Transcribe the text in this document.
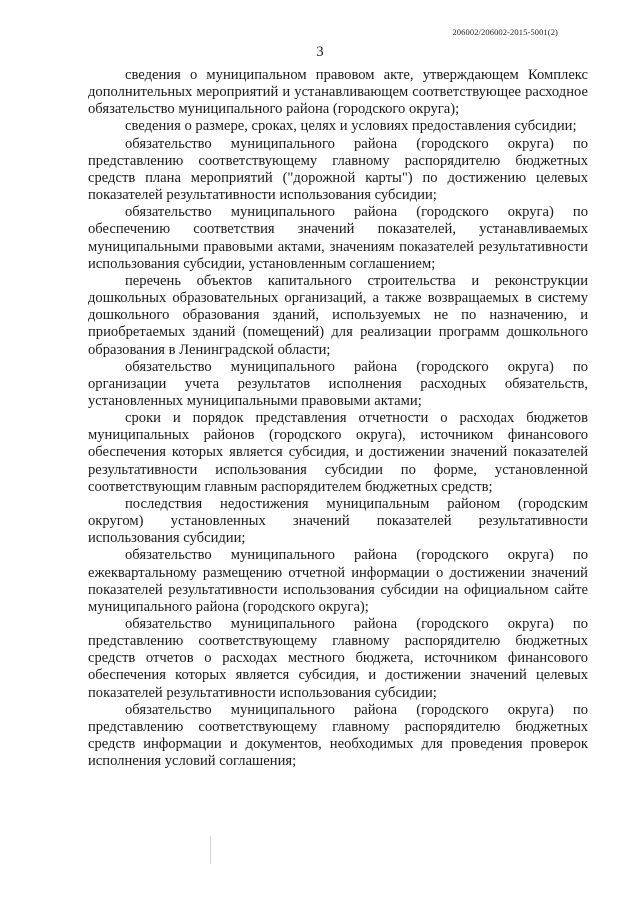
206002/206002-2015-5001(2)
3

сведения о муниципальном правовом акте, утверждающем Комплекс дополнительных мероприятий и устанавливающем соответствующее расходное обязательство муниципального района (городского округа);

сведения о размере, сроках, целях и условиях предоставления субсидии;

обязательство муниципального района (городского округа) по представлению соответствующему главному распорядителю бюджетных средств плана мероприятий ("дорожной карты") по достижению целевых показателей результативности использования субсидии;

обязательство муниципального района (городского округа) по обеспечению соответствия значений показателей, устанавливаемых муниципальными правовыми актами, значениям показателей результативности использования субсидии, установленным соглашением;

перечень объектов капитального строительства и реконструкции дошкольных образовательных организаций, а также возвращаемых в систему дошкольного образования зданий, используемых не по назначению, и приобретаемых зданий (помещений) для реализации программ дошкольного образования в Ленинградской области;

обязательство муниципального района (городского округа) по организации учета результатов исполнения расходных обязательств, установленных муниципальными правовыми актами;

сроки и порядок представления отчетности о расходах бюджетов муниципальных районов (городского округа), источником финансового обеспечения которых является субсидия, и достижении значений показателей результативности использования субсидии по форме, установленной соответствующим главным распорядителем бюджетных средств;

последствия недостижения муниципальным районом (городским округом) установленных значений показателей результативности использования субсидии;

обязательство муниципального района (городского округа) по ежеквартальному размещению отчетной информации о достижении значений показателей результативности использования субсидии на официальном сайте муниципального района (городского округа);

обязательство муниципального района (городского округа) по представлению соответствующему главному распорядителю бюджетных средств отчетов о расходах местного бюджета, источником финансового обеспечения которых является субсидия, и достижении значений целевых показателей результативности использования субсидии;

обязательство муниципального района (городского округа) по представлению соответствующему главному распорядителю бюджетных средств информации и документов, необходимых для проведения проверок исполнения условий соглашения;
